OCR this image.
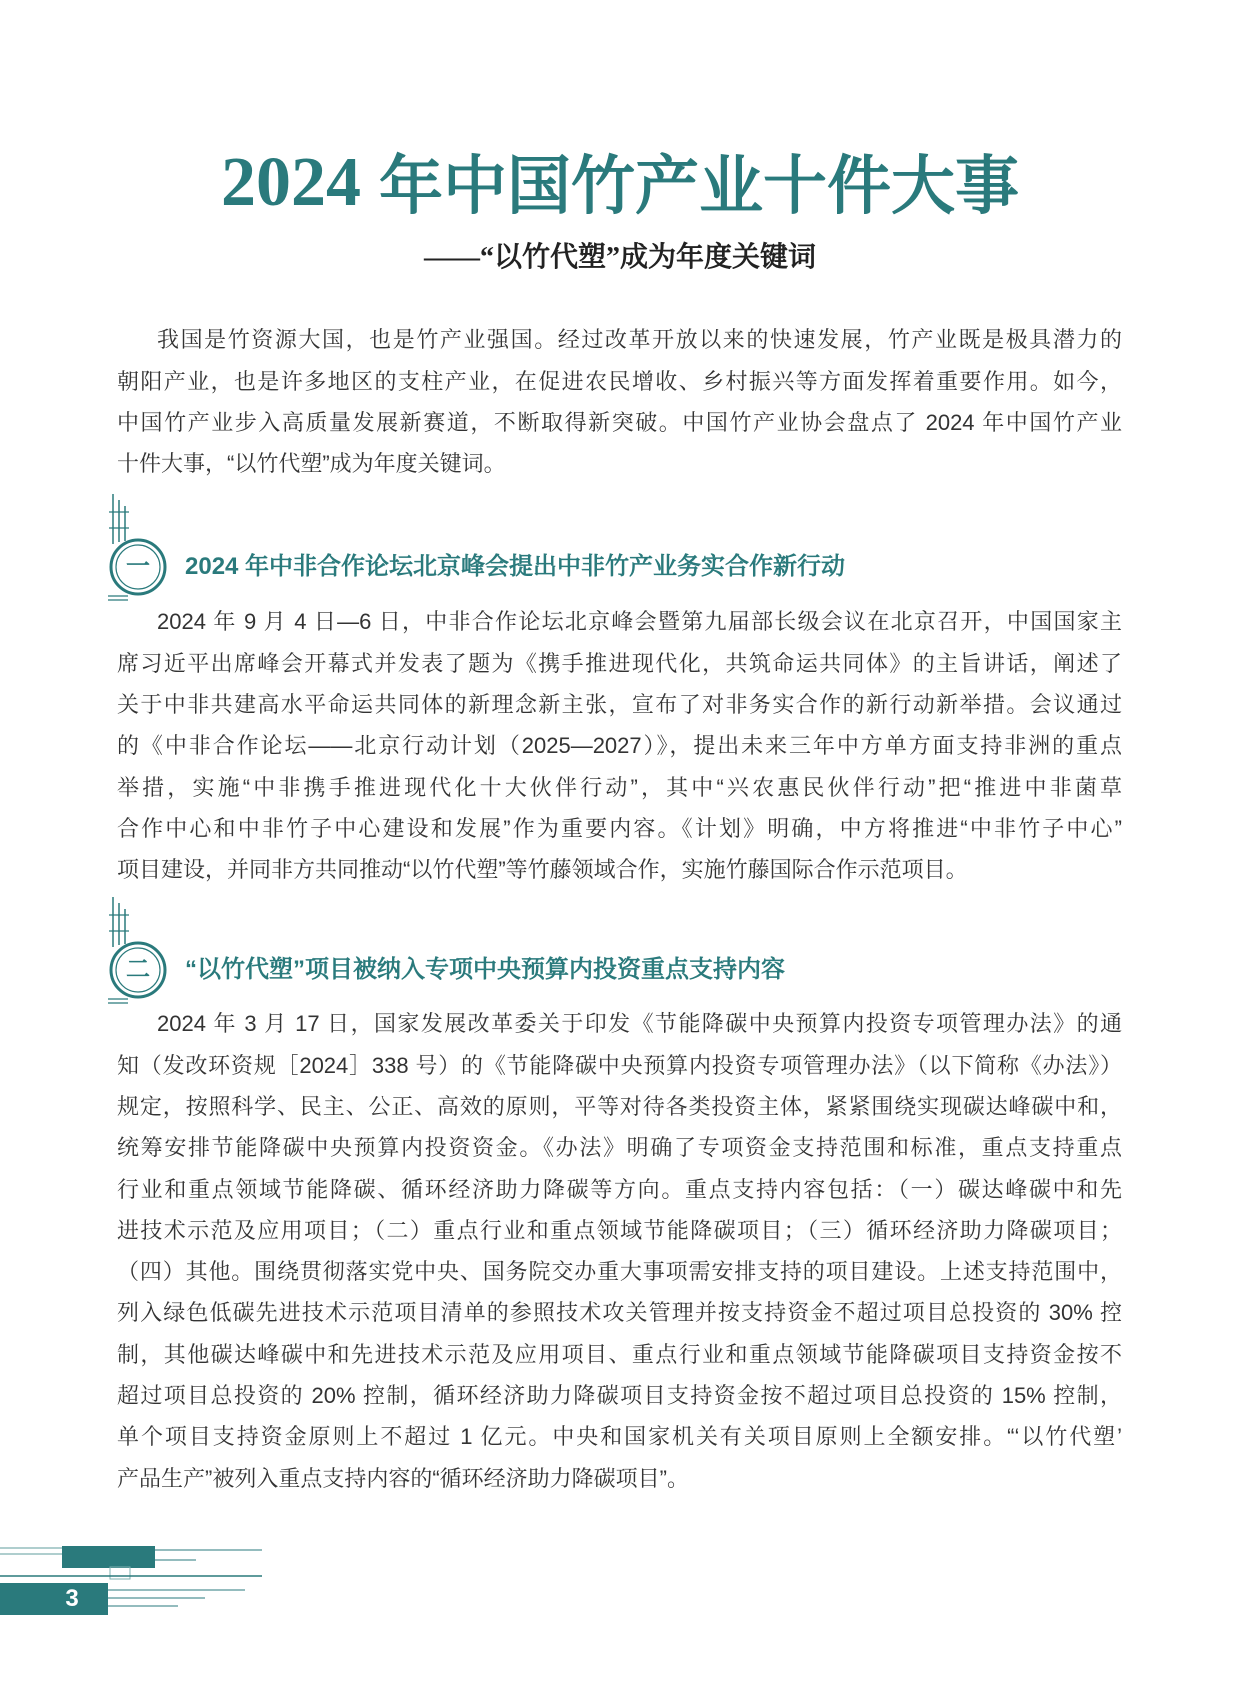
2024 年中国竹产业十件大事
——“以竹代塑”成为年度关键词
我国是竹资源大国，也是竹产业强国。经过改革开放以来的快速发展，竹产业既是极具潜力的
朝阳产业，也是许多地区的支柱产业，在促进农民增收、乡村振兴等方面发挥着重要作用。如今，
中国竹产业步入高质量发展新赛道，不断取得新突破。中国竹产业协会盘点了 2024 年中国竹产业
十件大事，“以竹代塑”成为年度关键词。
一 2024 年中非合作论坛北京峰会提出中非竹产业务实合作新行动
2024 年 9 月 4 日—6 日，中非合作论坛北京峰会暨第九届部长级会议在北京召开，中国国家主
席习近平出席峰会开幕式并发表了题为《携手推进现代化，共筑命运共同体》的主旨讲话，阐述了
关于中非共建高水平命运共同体的新理念新主张，宣布了对非务实合作的新行动新举措。会议通过
的《中非合作论坛——北京行动计划（2025—2027）》，提出未来三年中方单方面支持非洲的重点
举措，实施“中非携手推进现代化十大伙伴行动”，其中“兴农惠民伙伴行动”把“推进中非菌草
合作中心和中非竹子中心建设和发展”作为重要内容。《计划》明确，中方将推进“中非竹子中心”
项目建设，并同非方共同推动“以竹代塑”等竹藤领域合作，实施竹藤国际合作示范项目。
二 “以竹代塑”项目被纳入专项中央预算内投资重点支持内容
2024 年 3 月 17 日，国家发展改革委关于印发《节能降碳中央预算内投资专项管理办法》的通
知（发改环资规［2024］338 号）的《节能降碳中央预算内投资专项管理办法》（以下简称《办法》）
规定，按照科学、民主、公正、高效的原则，平等对待各类投资主体，紧紧围绕实现碳达峰碳中和，
统筹安排节能降碳中央预算内投资资金。《办法》明确了专项资金支持范围和标准，重点支持重点
行业和重点领域节能降碳、循环经济助力降碳等方向。重点支持内容包括：（一）碳达峰碳中和先
进技术示范及应用项目；（二）重点行业和重点领域节能降碳项目；（三）循环经济助力降碳项目；
（四）其他。围绕贯彻落实党中央、国务院交办重大事项需安排支持的项目建设。上述支持范围中，
列入绿色低碳先进技术示范项目清单的参照技术攻关管理并按支持资金不超过项目总投资的 30% 控
制，其他碳达峰碳中和先进技术示范及应用项目、重点行业和重点领域节能降碳项目支持资金按不
超过项目总投资的 20% 控制，循环经济助力降碳项目支持资金按不超过项目总投资的 15% 控制，
单个项目支持资金原则上不超过 1 亿元。中央和国家机关有关项目原则上全额安排。“‘以竹代塑’
产品生产”被列入重点支持内容的“循环经济助力降碳项目”。
3
